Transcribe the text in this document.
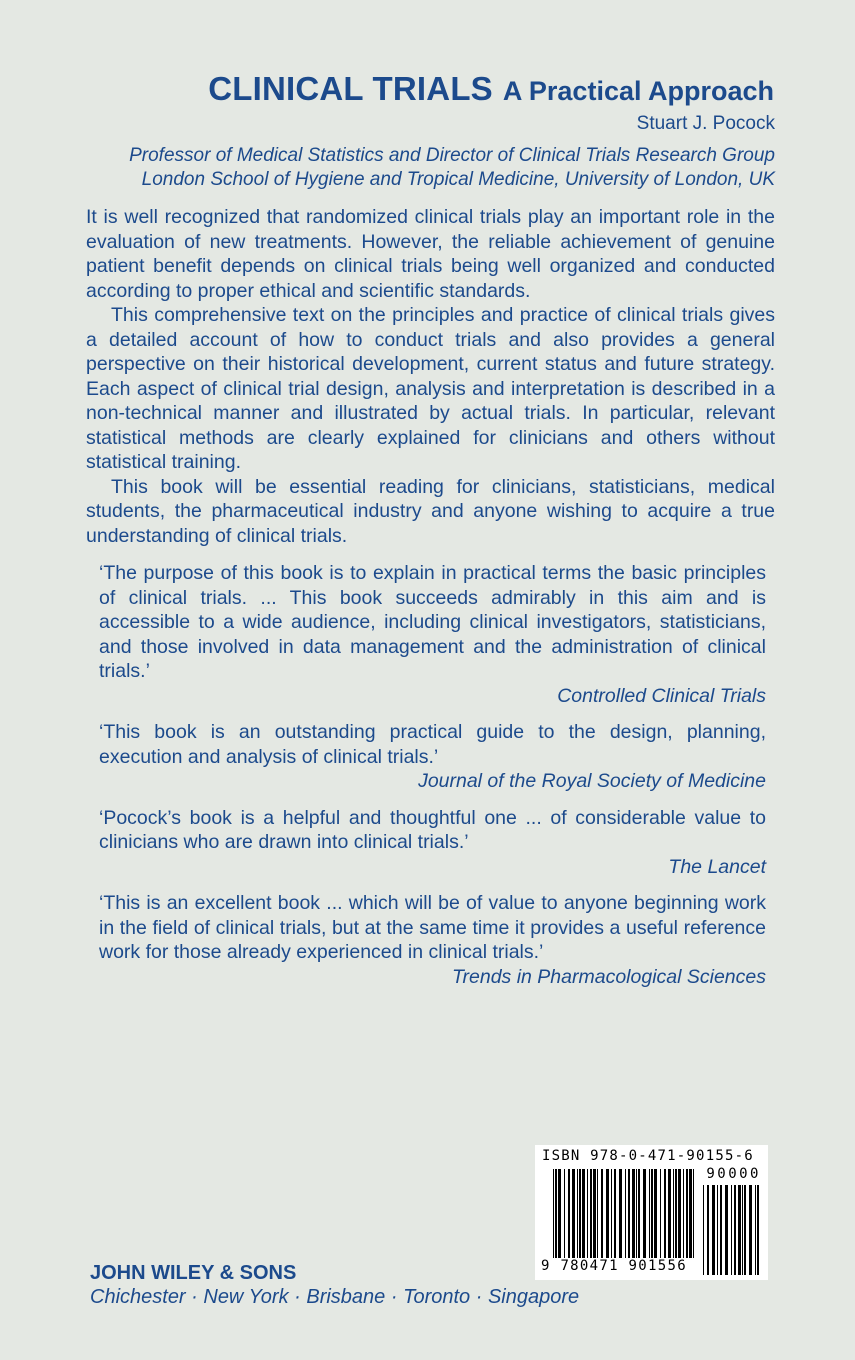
CLINICAL TRIALS A Practical Approach
Stuart J. Pocock
Professor of Medical Statistics and Director of Clinical Trials Research Group
London School of Hygiene and Tropical Medicine, University of London, UK

It is well recognized that randomized clinical trials play an important role in the evaluation of new treatments. However, the reliable achievement of genuine patient benefit depends on clinical trials being well organized and conducted according to proper ethical and scientific standards.

This comprehensive text on the principles and practice of clinical trials gives a detailed account of how to conduct trials and also provides a general perspective on their historical development, current status and future strategy. Each aspect of clinical trial design, analysis and interpretation is described in a non-technical manner and illustrated by actual trials. In particular, relevant statistical methods are clearly explained for clinicians and others without statistical training.

This book will be essential reading for clinicians, statisticians, medical students, the pharmaceutical industry and anyone wishing to acquire a true understanding of clinical trials.

‘The purpose of this book is to explain in practical terms the basic principles of clinical trials. ... This book succeeds admirably in this aim and is accessible to a wide audience, including clinical investigators, statisticians, and those involved in data management and the administration of clinical trials.’

Controlled Clinical Trials

‘This book is an outstanding practical guide to the design, planning, execution and analysis of clinical trials.’

Journal of the Royal Society of Medicine

‘Pocock’s book is a helpful and thoughtful one ... of considerable value to clinicians who are drawn into clinical trials.’

The Lancet

‘This is an excellent book ... which will be of value to anyone beginning work in the field of clinical trials, but at the same time it provides a useful reference work for those already experienced in clinical trials.’

Trends in Pharmacological Sciences

ISBN 978-0-471-90155-6
90000
9 780471 901556
JOHN WILEY & SONS
Chichester · New York · Brisbane · Toronto · Singapore
